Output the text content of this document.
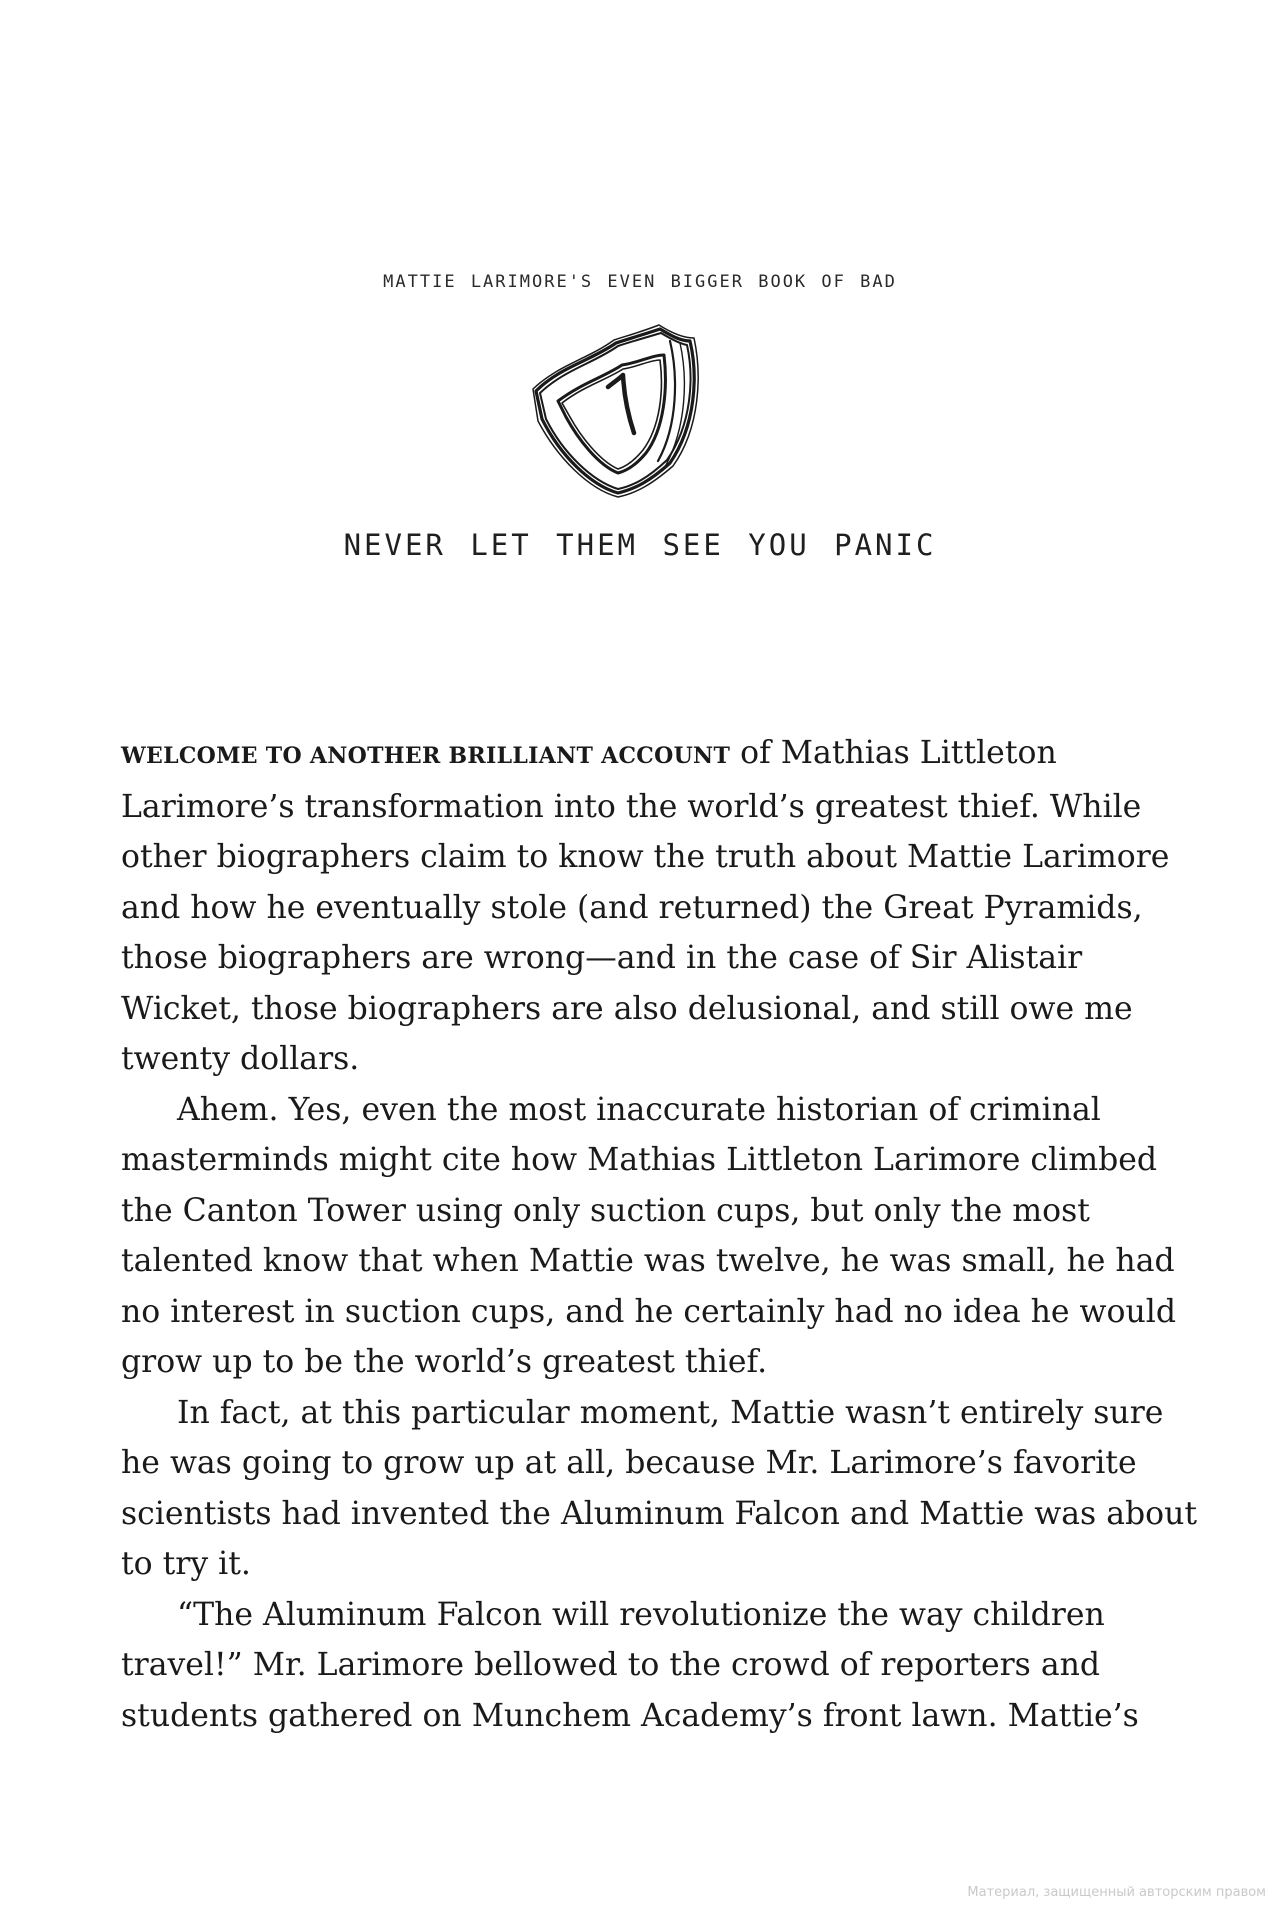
MATTIE LARIMORE'S EVEN BIGGER BOOK OF BAD
1
NEVER LET THEM SEE YOU PANIC
WELCOME TO ANOTHER BRILLIANT ACCOUNT of Mathias Littleton
Larimore’s transformation into the world’s greatest thief. While
other biographers claim to know the truth about Mattie Larimore
and how he eventually stole (and returned) the Great Pyramids,
those biographers are wrong—and in the case of Sir Alistair
Wicket, those biographers are also delusional, and still owe me
twenty dollars.
Ahem. Yes, even the most inaccurate historian of criminal
masterminds might cite how Mathias Littleton Larimore climbed
the Canton Tower using only suction cups, but only the most
talented know that when Mattie was twelve, he was small, he had
no interest in suction cups, and he certainly had no idea he would
grow up to be the world’s greatest thief.
In fact, at this particular moment, Mattie wasn’t entirely sure
he was going to grow up at all, because Mr. Larimore’s favorite
scientists had invented the Aluminum Falcon and Mattie was about
to try it.
“The Aluminum Falcon will revolutionize the way children
travel!” Mr. Larimore bellowed to the crowd of reporters and
students gathered on Munchem Academy’s front lawn. Mattie’s
Материал, защищенный авторским правом
